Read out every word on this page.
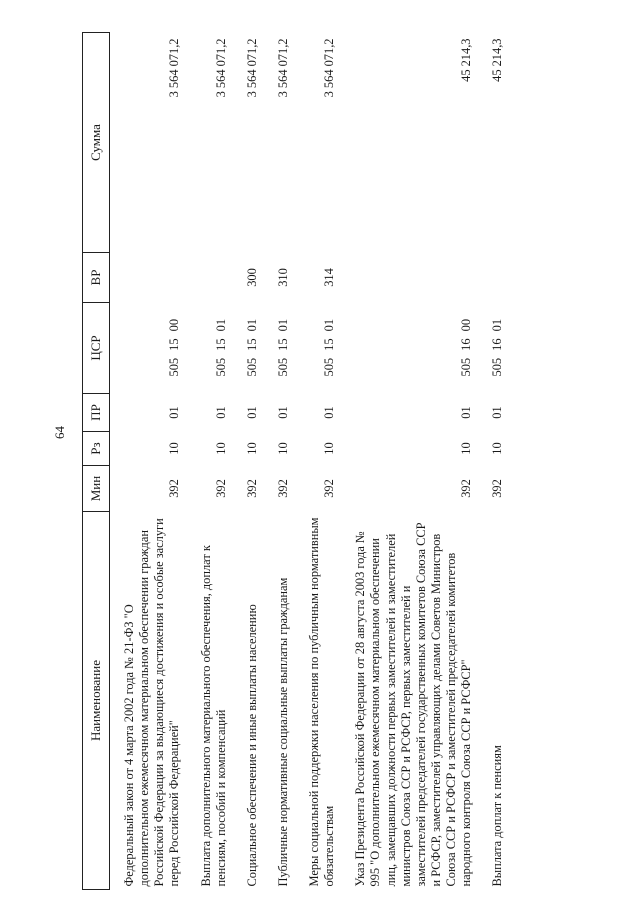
64
Наименование	Мин	Рз	ПР	ЦСР	ВР	Сумма
Федеральный закон от 4 марта 2002 года № 21-ФЗ "О дополнительном ежемесячном материальном обеспечении граждан Российской Федерации за выдающиеся достижения и особые заслуги перед Российской Федерацией"	392	10	01	505 15 00		3 564 071,2
Выплата дополнительного материального обеспечения, доплат к пенсиям, пособий и компенсаций	392	10	01	505 15 01		3 564 071,2
Социальное обеспечение и иные выплаты населению	392	10	01	505 15 01	300	3 564 071,2
Публичные нормативные социальные выплаты гражданам	392	10	01	505 15 01	310	3 564 071,2
Меры социальной поддержки населения по публичным нормативным обязательствам	392	10	01	505 15 01	314	3 564 071,2
Указ Президента Российской Федерации от 28 августа 2003 года № 995 "О дополнительном ежемесячном материальном обеспечении лиц, замещавших должности первых заместителей и заместителей министров Союза ССР и РСФСР, первых заместителей и заместителей председателей государственных комитетов Союза ССР и РСФСР, заместителей управляющих делами Советов Министров Союза ССР и РСФСР и заместителей председателей комитетов народного контроля Союза ССР и РСФСР"	392	10	01	505 16 00		45 214,3
Выплата доплат к пенсиям	392	10	01	505 16 01		45 214,3
